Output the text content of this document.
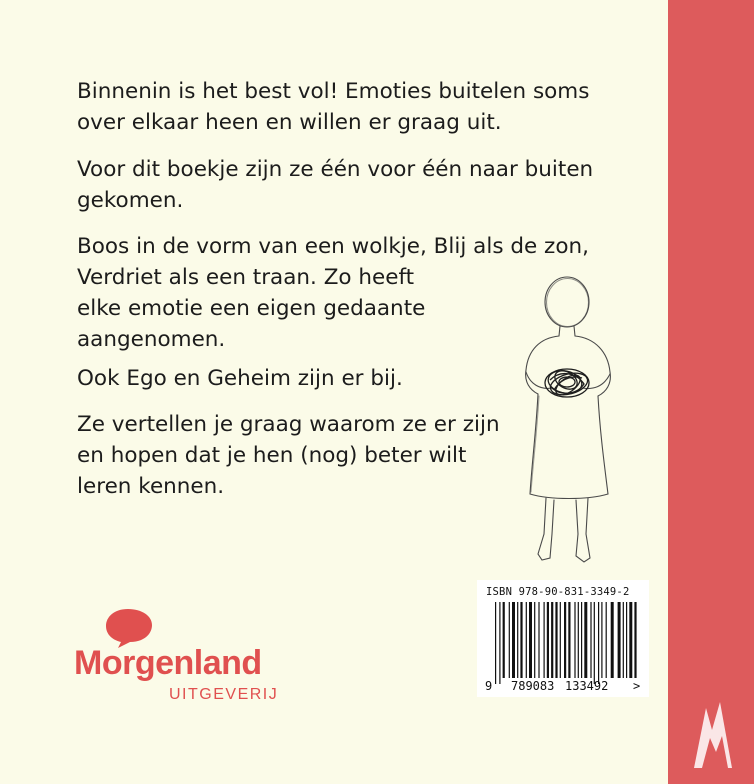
Binnenin is het best vol! Emoties buitelen soms
over elkaar heen en willen er graag uit.

Voor dit boekje zijn ze één voor één naar buiten
gekomen.

Boos in de vorm van een wolkje, Blij als de zon,
Verdriet als een traan. Zo heeft
elke emotie een eigen gedaante
aangenomen.

Ook Ego en Geheim zijn er bij.

Ze vertellen je graag waarom ze er zijn
en hopen dat je hen (nog) beter wilt
leren kennen.

ISBN 978-90-831-3349-2
9 789083 133492 >
Morgenland
UITGEVERIJ
